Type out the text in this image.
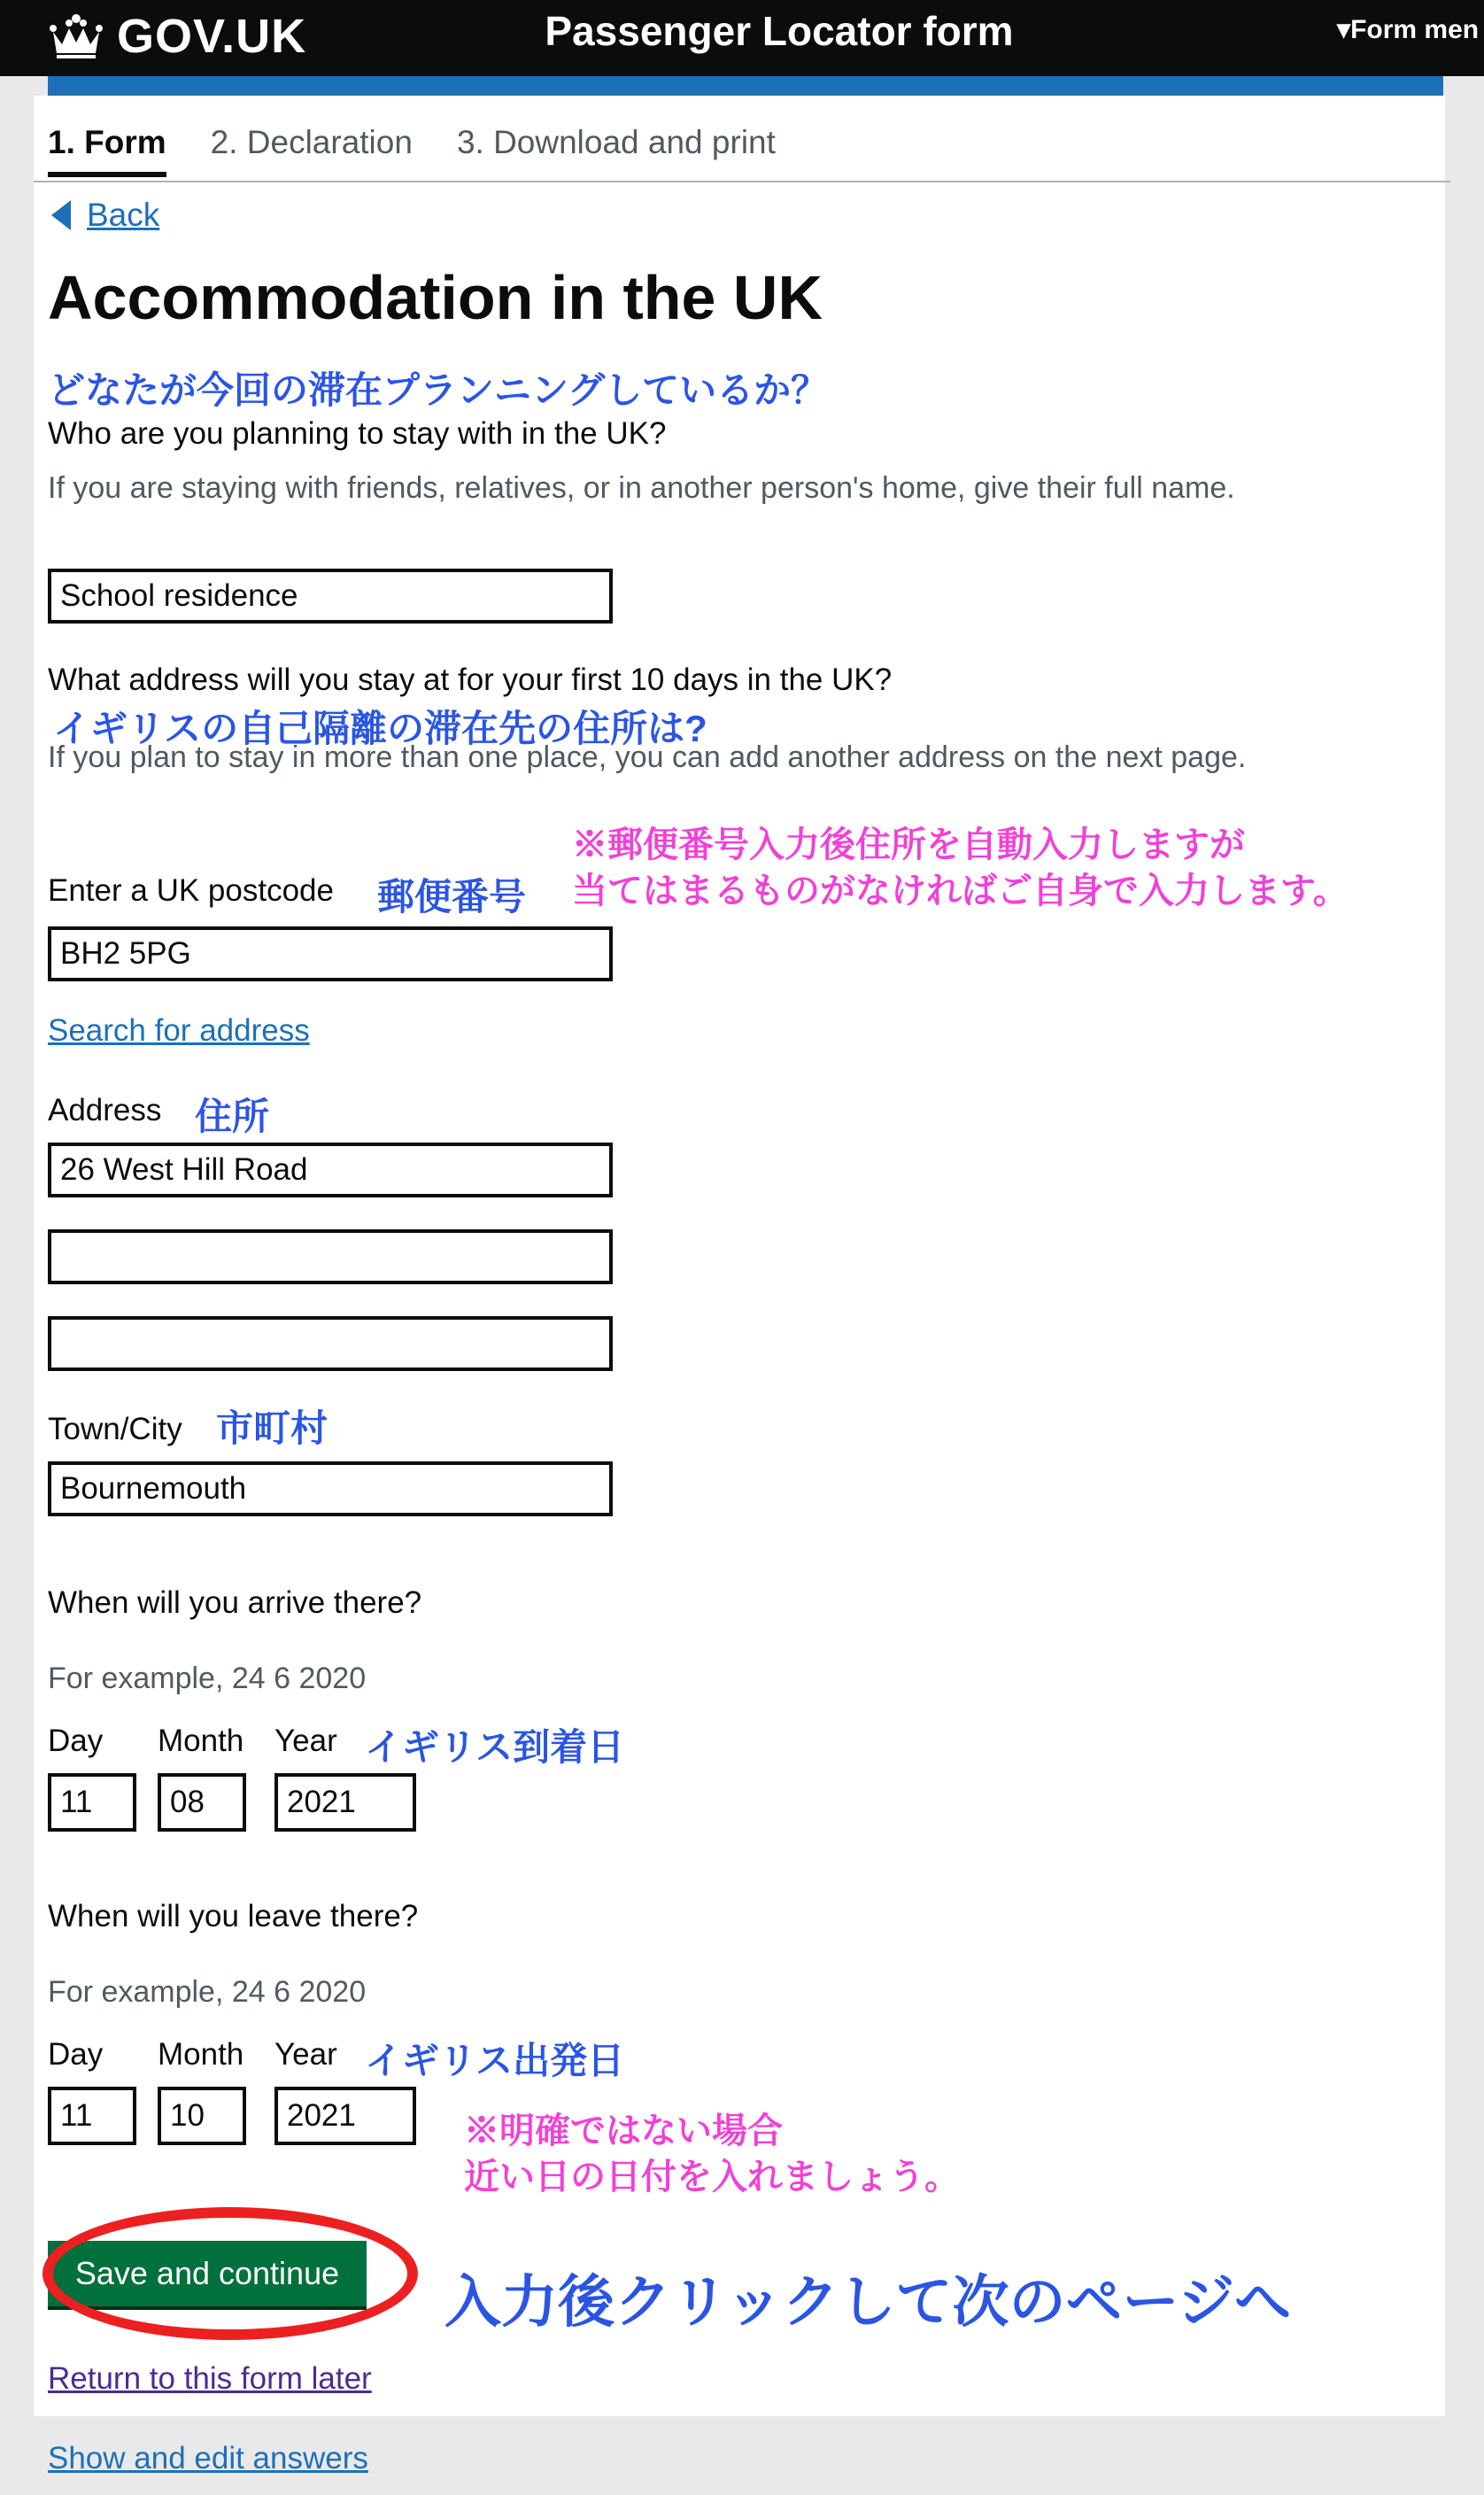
GOV.UK	Passenger Locator form	▾Form men
1. Form 2. Declaration 3. Download and print
Back
Accommodation in the UK
どなたが今回の滞在プランニングしているか？
Who are you planning to stay with in the UK?
If you are staying with friends, relatives, or in another person's home, give their full name.
School residence
What address will you stay at for your first 10 days in the UK?
イギリスの自己隔離の滞在先の住所は?
If you plan to stay in more than one place, you can add another address on the next page.
※郵便番号入力後住所を自動入力しますが
当てはまるものがなければご自身で入力します。
Enter a UK postcode 郵便番号
BH2 5PG
Search for address
Address 住所
26 West Hill Road
Town/City 市町村
Bournemouth
When will you arrive there?
For example, 24 6 2020
Day Month Year イギリス到着日
11	08	2021
When will you leave there?
For example, 24 6 2020
Day Month Year イギリス出発日
11	10	2021	※明確ではない場合
近い日の日付を入れましょう。
Save and continue	入力後クリックして次のページへ
Return to this form later
Show and edit answers
